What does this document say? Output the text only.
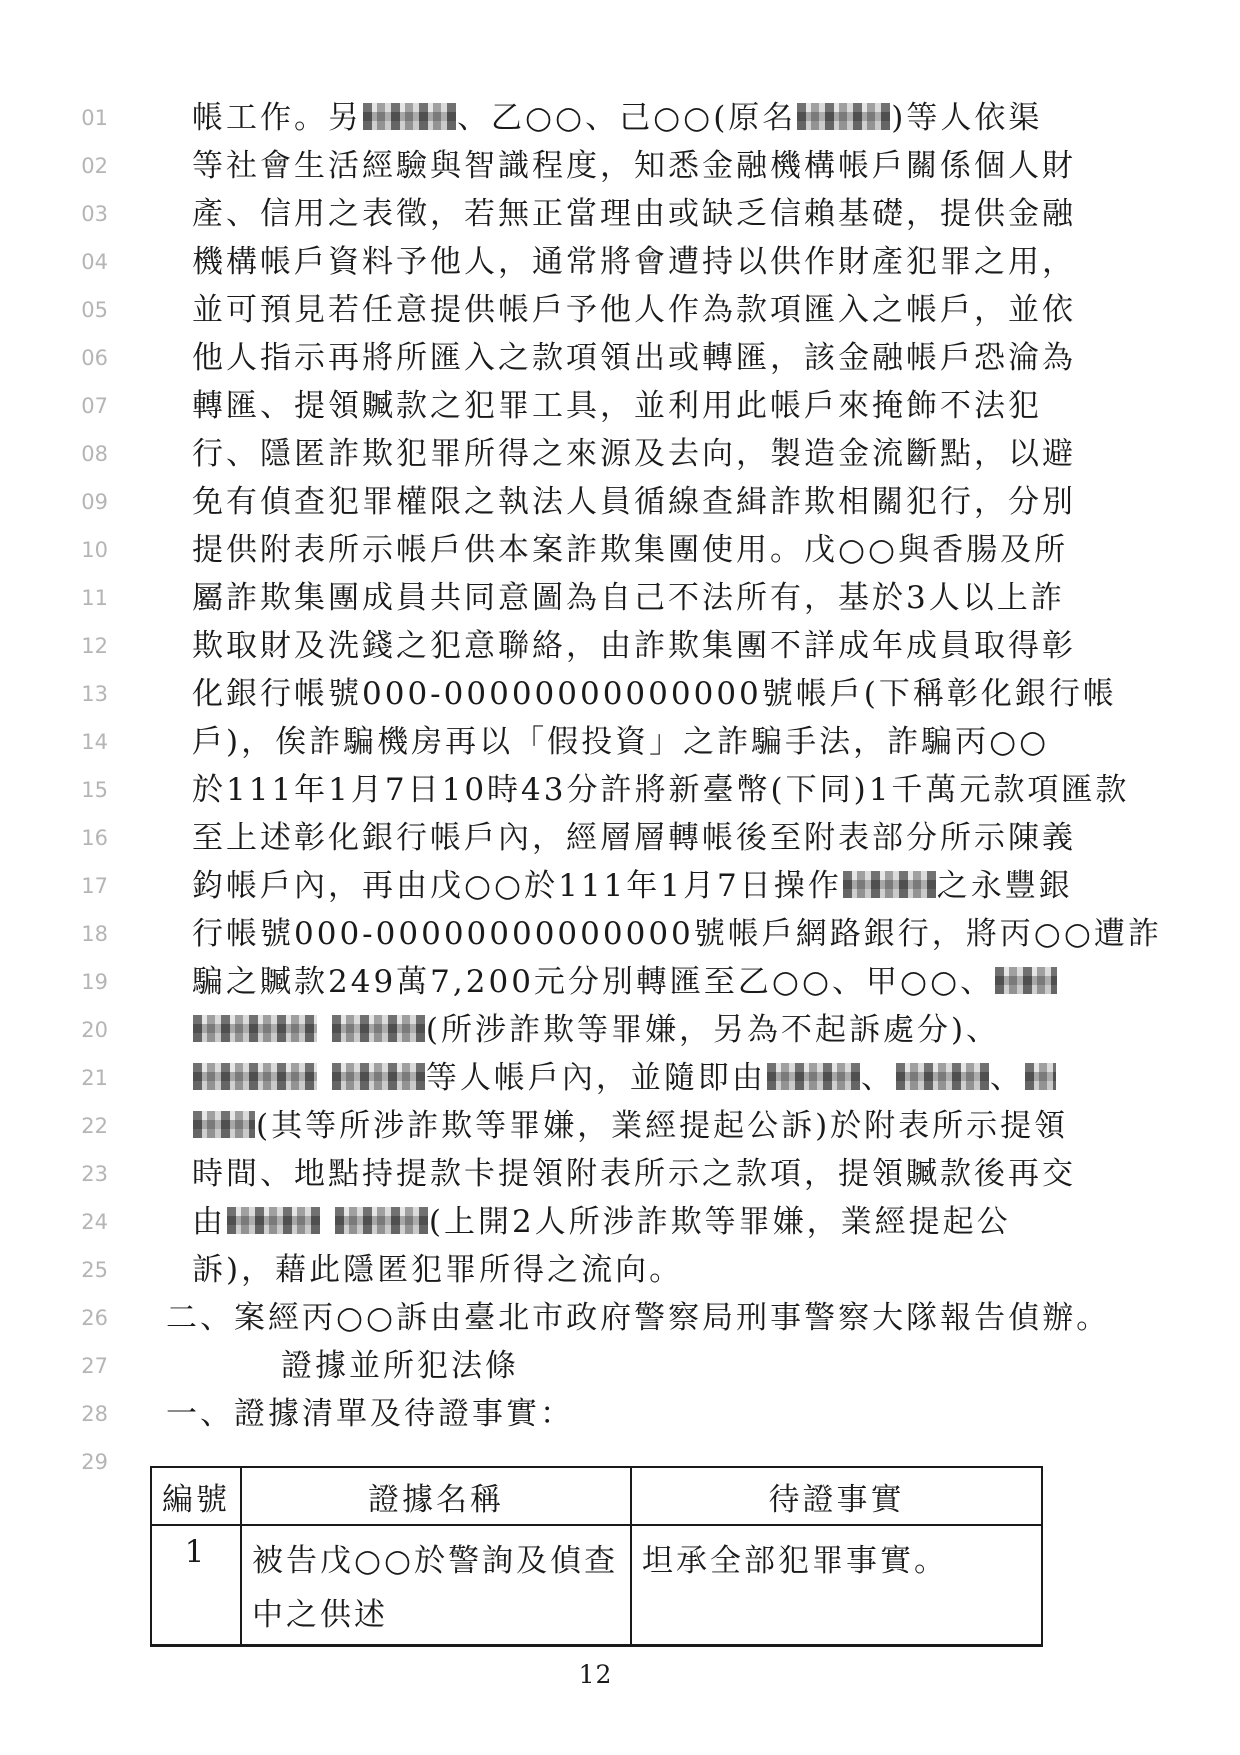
01
02
03
04
05
06
07
08
09
10
11
12
13
14
15
16
17
18
19
20
21
22
23
24
25
26
27
28
29
帳工作。另	、乙○○、己○○(原名	)等人依渠
等社會生活經驗與智識程度，知悉金融機構帳戶關係個人財
產、信用之表徵，若無正當理由或缺乏信賴基礎，提供金融
機構帳戶資料予他人，通常將會遭持以供作財產犯罪之用，
並可預見若任意提供帳戶予他人作為款項匯入之帳戶，並依
他人指示再將所匯入之款項領出或轉匯，該金融帳戶恐淪為
轉匯、提領贓款之犯罪工具，並利用此帳戶來掩飾不法犯
行、隱匿詐欺犯罪所得之來源及去向，製造金流斷點，以避
免有偵查犯罪權限之執法人員循線查緝詐欺相關犯行，分別
提供附表所示帳戶供本案詐欺集團使用。戊○○與香腸及所
屬詐欺集團成員共同意圖為自己不法所有，基於3人以上詐
欺取財及洗錢之犯意聯絡，由詐欺集團不詳成年成員取得彰
化銀行帳號000-00000000000000號帳戶(下稱彰化銀行帳
戶)，俟詐騙機房再以「假投資」之詐騙手法，詐騙丙○○
於111年1月7日10時43分許將新臺幣(下同)1千萬元款項匯款
至上述彰化銀行帳戶內，經層層轉帳後至附表部分所示陳義
鈞帳戶內，再由戊○○於111年1月7日操作	之永豐銀
行帳號000-00000000000000號帳戶網路銀行，將丙○○遭詐
騙之贓款249萬7,200元分別轉匯至乙○○、甲○○、
(所涉詐欺等罪嫌，另為不起訴處分)、
等人帳戶內，並隨即由	、	、
(其等所涉詐欺等罪嫌，業經提起公訴)於附表所示提領
時間、地點持提款卡提領附表所示之款項，提領贓款後再交
由	(上開2人所涉詐欺等罪嫌，業經提起公
訴)，藉此隱匿犯罪所得之流向。
二、案經丙○○訴由臺北市政府警察局刑事警察大隊報告偵辦。
證據並所犯法條
一、證據清單及待證事實：
編號	證據名稱	待證事實
1	被告戊○○於警詢及偵查中之供述	坦承全部犯罪事實。
12
